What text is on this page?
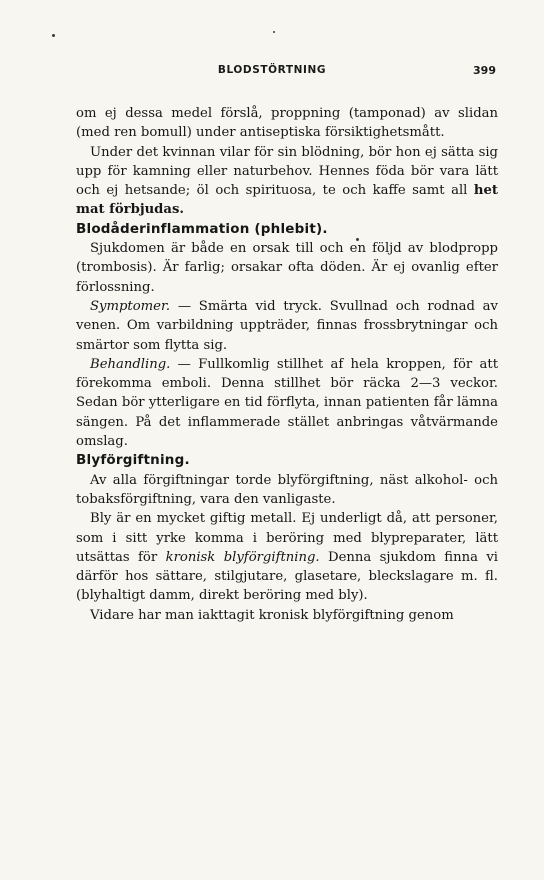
BLODSTÖRTNING	399

om ej dessa medel förslå, proppning (tamponad) av slidan (med ren bomull) under antiseptiska försiktighetsmått.

Under det kvinnan vilar för sin blödning, bör hon ej sätta sig upp för kamning eller naturbehov. Hennes föda bör vara lätt och ej hetsande; öl och spirituosa, te och kaffe samt all het mat förbjudas.

Blodåderinflammation (phlebit).

Sjukdomen är både en orsak till och en följd av blodpropp (trombosis). Är farlig; orsakar ofta döden. Är ej ovanlig efter förlossning.

Symptomer. — Smärta vid tryck. Svullnad och rodnad av venen. Om varbildning uppträder, finnas frossbrytningar och smärtor som flytta sig.

Behandling. — Fullkomlig stillhet af hela kroppen, för att förekomma emboli. Denna stillhet bör räcka 2—3 veckor. Sedan bör ytterligare en tid förflyta, innan patienten får lämna sängen. På det inflammerade stället anbringas våtvärmande omslag.

Blyförgiftning.

Av alla förgiftningar torde blyförgiftning, näst alkohol- och tobaksförgiftning, vara den vanligaste.

Bly är en mycket giftig metall. Ej underligt då, att personer, som i sitt yrke komma i beröring med blypreparater, lätt utsättas för kronisk blyförgiftning. Denna sjukdom finna vi därför hos sättare, stilgjutare, glasetare, bleckslagare m. fl. (blyhaltigt damm, direkt beröring med bly).

Vidare har man iakttagit kronisk blyförgiftning genom
